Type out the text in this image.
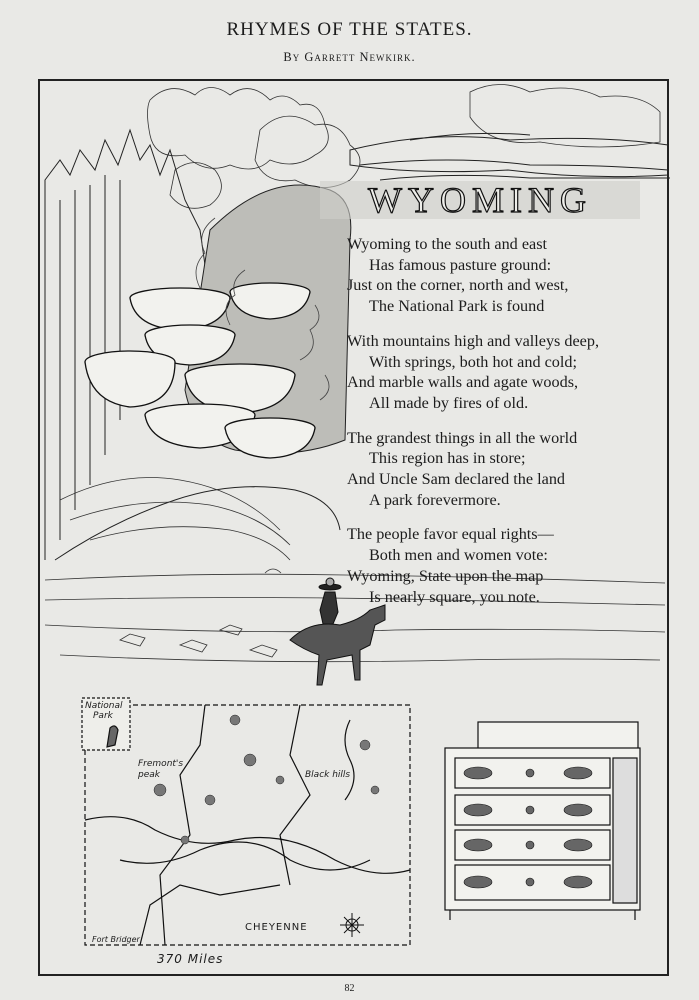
RHYMES OF THE STATES.
By Garrett Newkirk.
WYOMING
Wyoming to the south and east
Has famous pasture ground:
Just on the corner, north and west,
The National Park is found
With mountains high and valleys deep,
With springs, both hot and cold;
And marble walls and agate woods,
All made by fires of old.
The grandest things in all the world
This region has in store;
And Uncle Sam declared the land
A park forevermore.
The people favor equal rights—
Both men and women vote:
Wyoming, State upon the map
Is nearly square, you note.
National
Park
Fremont's peak	Black hills
CHEYENNE
Fort Bridger
370 Miles
82
